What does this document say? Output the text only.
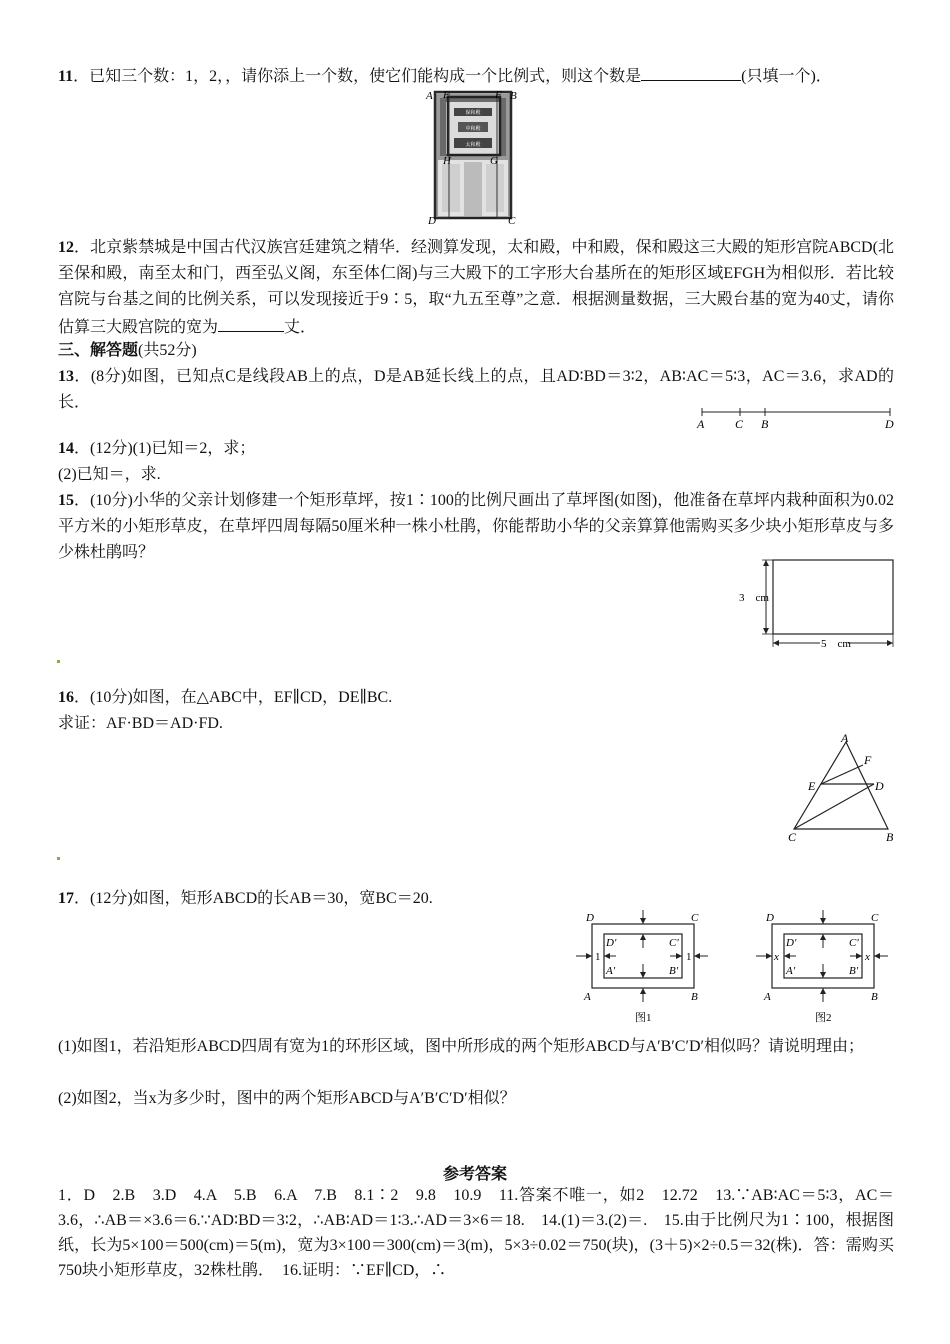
11．已知三个数：1，2，，请你添上一个数，使它们能构成一个比例式，则这个数是	(只填一个)．
A E	F B
H	G
D	C
保和殿
中和殿
太和殿
12．北京紫禁城是中国古代汉族宫廷建筑之精华．经测算发现，太和殿，中和殿，保和殿这三大殿的矩形宫院ABCD(北至保和殿，南至太和门，西至弘义阁，东至体仁阁)与三大殿下的工字形大台基所在的矩形区域EFGH为相似形．若比较宫院与台基之间的比例关系，可以发现接近于9∶5，取“九五至尊”之意．根据测量数据，三大殿台基的宽为40丈，请你估算三大殿宫院的宽为	丈．
三、解答题(共52分)
13．(8分)如图，已知点C是线段AB上的点，D是AB延长线上的点，且AD∶BD＝3∶2，AB∶AC＝5∶3，AC＝3.6，求AD的长．
A	C B	D
14．(12分)(1)已知＝2，求；
(2)已知＝，求.
15．(10分)小华的父亲计划修建一个矩形草坪，按1∶100的比例尺画出了草坪图(如图)，他准备在草坪内栽种面积为0.02平方米的小矩形草皮，在草坪四周每隔50厘米种一株小杜鹃，你能帮助小华的父亲算算他需购买多少块小矩形草皮与多少株杜鹃吗？
3　cm
5　cm
16．(10分)如图，在△ABC中，EF∥CD，DE∥BC.
求证：AF·BD＝AD·FD.
A
F
E	D
C	B
17．(12分)如图，矩形ABCD的长AB＝30，宽BC＝20.
D	C
A	B
D′	C′
A′	B′
1	1
图1
D	C
A	B
D′	C′
A′	B′
x	x
图2
(1)如图1，若沿矩形ABCD四周有宽为1的环形区域，图中所形成的两个矩形ABCD与A′B′C′D′相似吗？请说明理由；
(2)如图2，当x为多少时，图中的两个矩形ABCD与A′B′C′D′相似？
参考答案
1．D　2.B　3.D　4.A　5.B　6.A　7.B　8.1∶2　9.8　10.9　11.答案不唯一，如2　12.72　13.∵AB∶AC＝5∶3，AC＝3.6，∴AB＝×3.6＝6.∵AD∶BD＝3∶2，∴AB∶AD＝1∶3.∴AD＝3×6＝18.　14.(1)＝3.(2)＝.　15.由于比例尺为1∶100，根据图纸，长为5×100＝500(cm)＝5(m)，宽为3×100＝300(cm)＝3(m)，5×3÷0.02＝750(块)，(3＋5)×2÷0.5＝32(株)．答：需购买750块小矩形草皮，32株杜鹃．　16.证明：∵EF∥CD，∴
